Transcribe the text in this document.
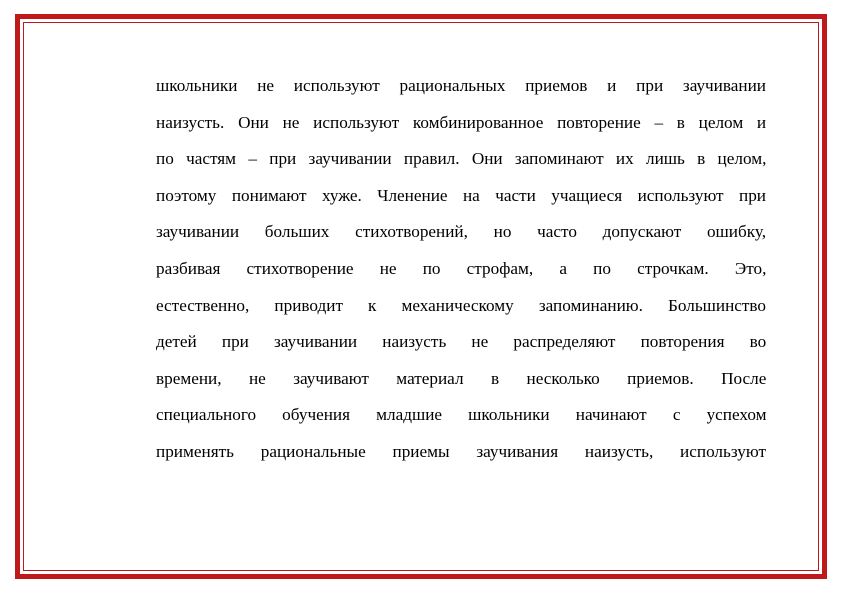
школьники не используют рациональных приемов и при заучивании
наизусть. Они не используют комбинированное повторение – в целом и
по частям – при заучивании правил. Они запоминают их лишь в целом,
поэтому понимают хуже. Членение на части учащиеся используют при
заучивании больших стихотворений, но часто допускают ошибку,
разбивая стихотворение не по строфам, а по строчкам. Это,
естественно, приводит к механическому запоминанию. Большинство
детей при заучивании наизусть не распределяют повторения во
времени, не заучивают материал в несколько приемов. После
специального обучения младшие школьники начинают с успехом
применять рациональные приемы заучивания наизусть, используют
